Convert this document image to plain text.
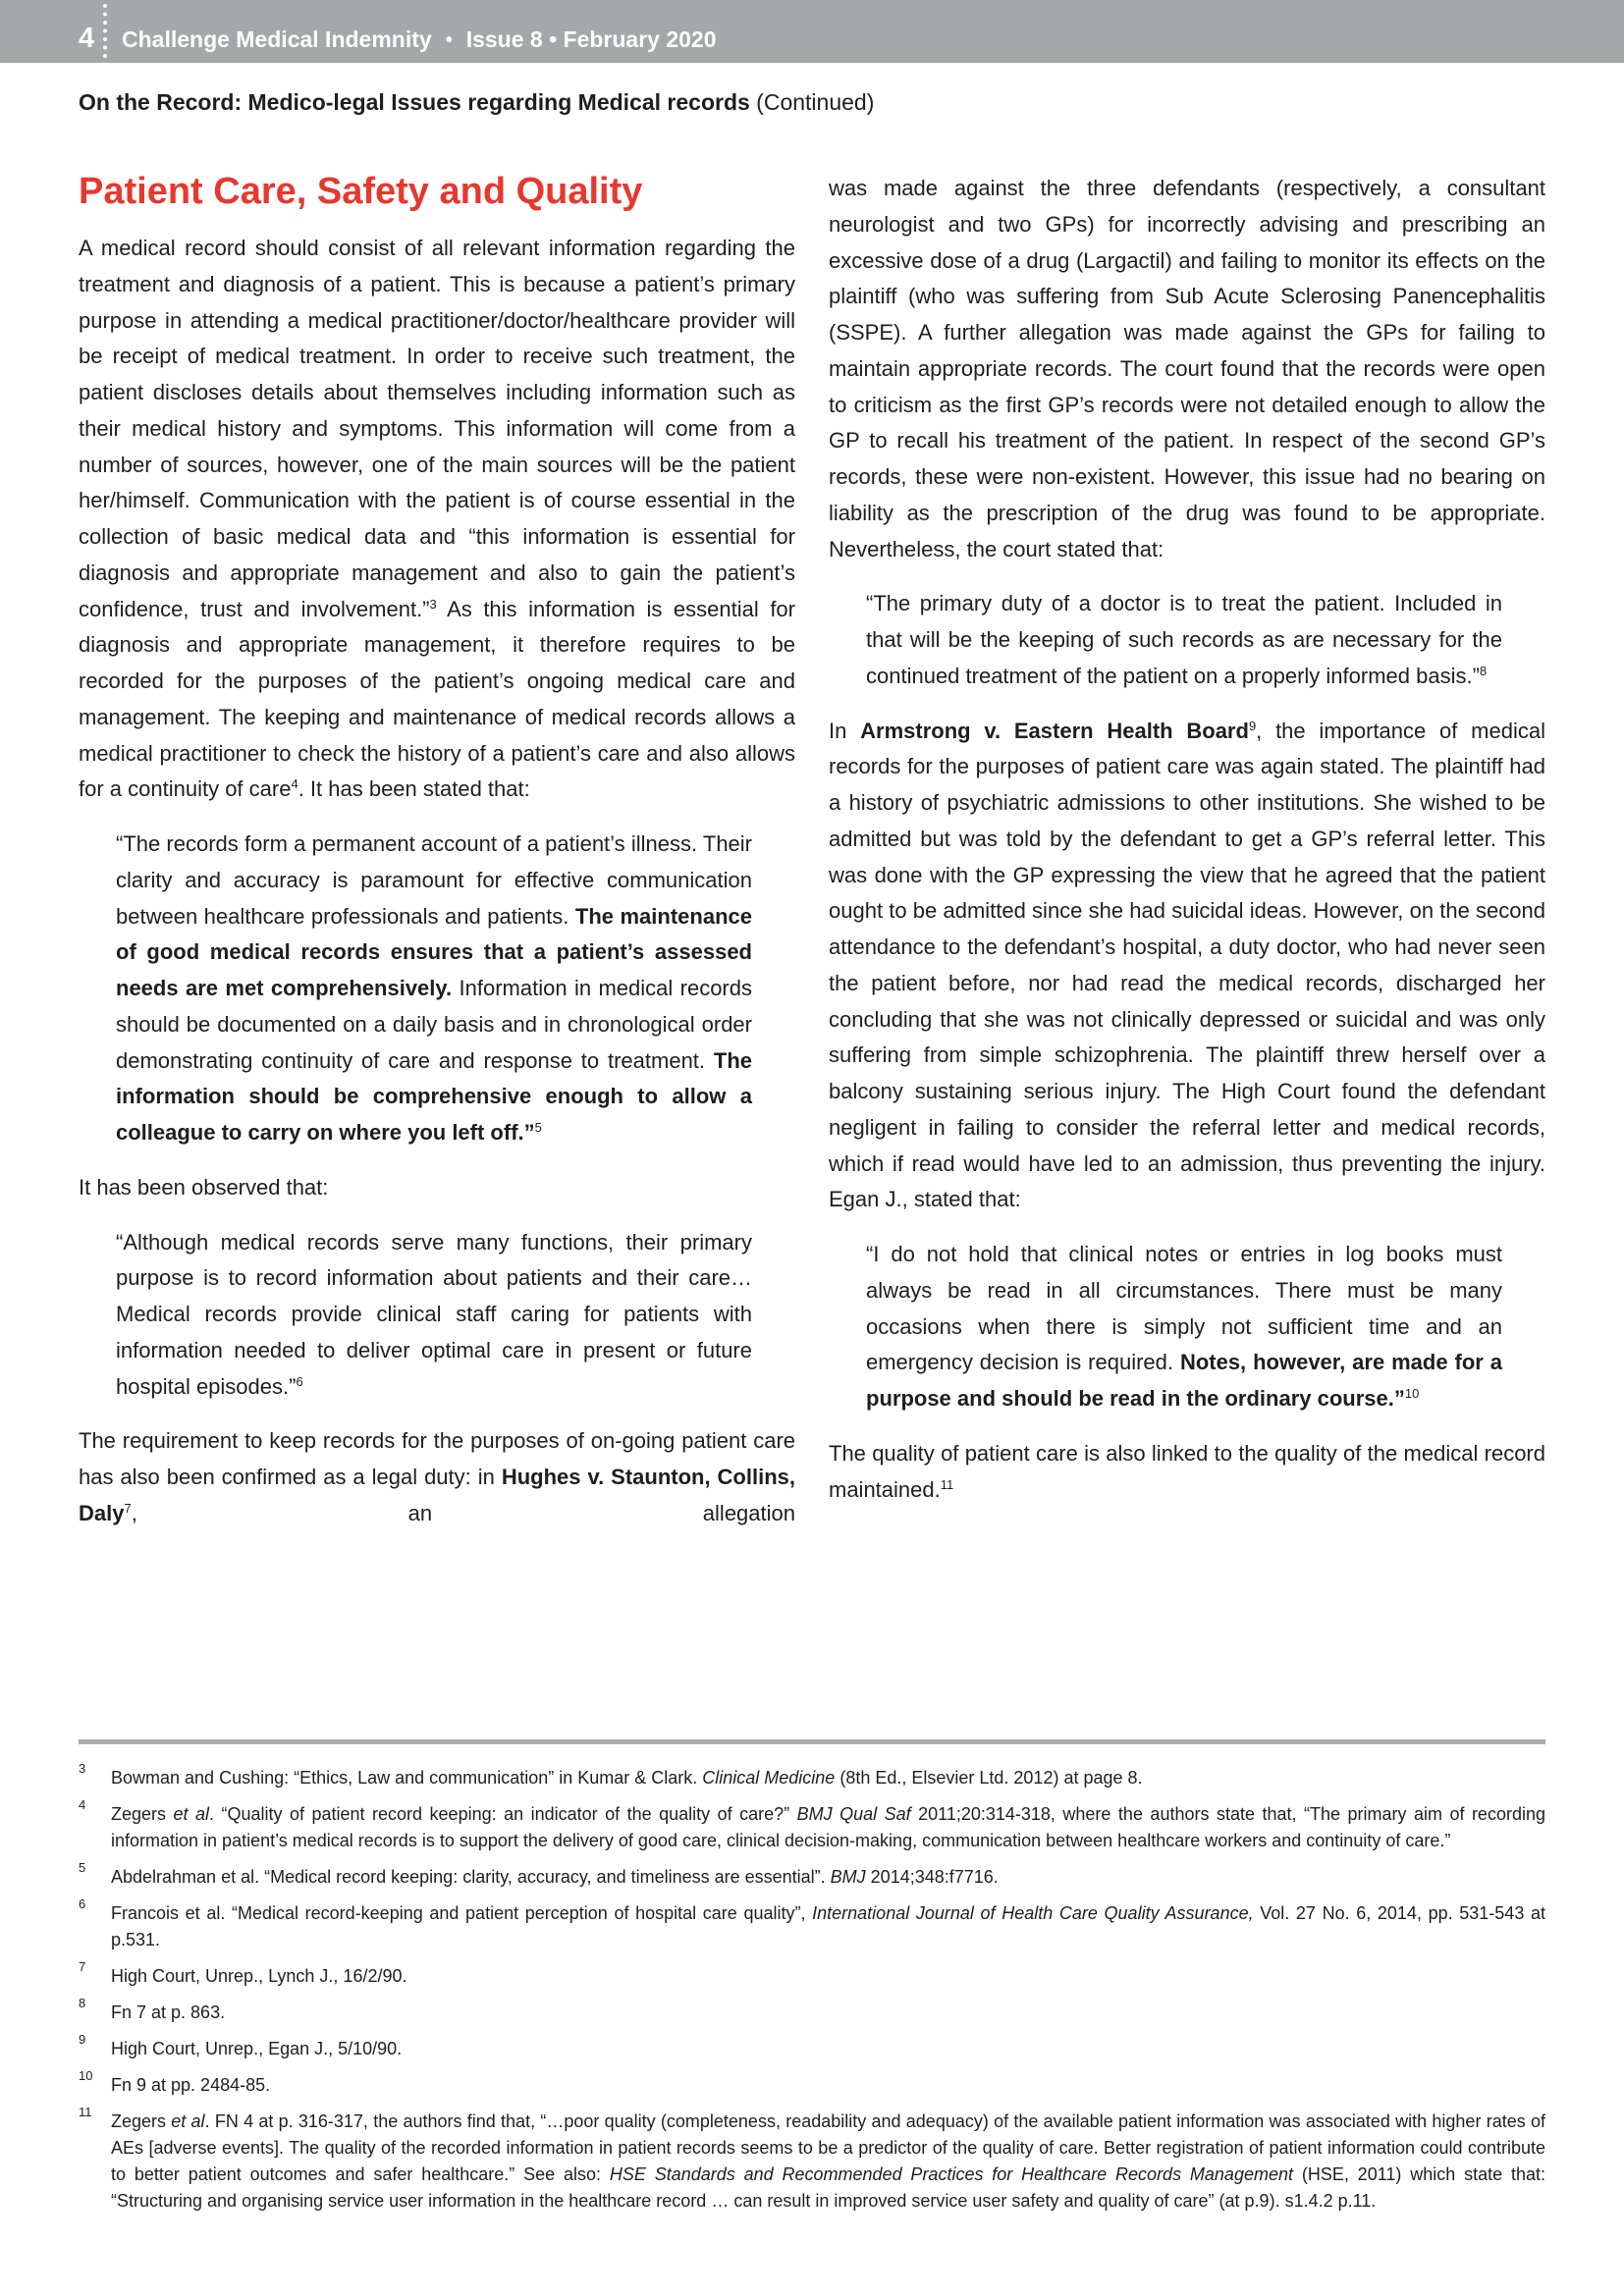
4 Challenge Medical Indemnity • Issue 8 • February 2020
On the Record: Medico-legal Issues regarding Medical records (Continued)
Patient Care, Safety and Quality

A medical record should consist of all relevant information regarding the treatment and diagnosis of a patient. This is because a patient’s primary purpose in attending a medical practitioner/doctor/healthcare provider will be receipt of medical treatment. In order to receive such treatment, the patient discloses details about themselves including information such as their medical history and symptoms. This information will come from a number of sources, however, one of the main sources will be the patient her/himself. Communication with the patient is of course essential in the collection of basic medical data and “this information is essential for diagnosis and appropriate management and also to gain the patient’s confidence, trust and involvement.”$^3$ As this information is essential for diagnosis and appropriate management, it therefore requires to be recorded for the purposes of the patient’s ongoing medical care and management. The keeping and maintenance of medical records allows a medical practitioner to check the history of a patient’s care and also allows for a continuity of care$^4$. It has been stated that:

“The records form a permanent account of a patient’s illness. Their clarity and accuracy is paramount for effective communication between healthcare professionals and patients. The maintenance of good medical records ensures that a patient’s assessed needs are met comprehensively. Information in medical records should be documented on a daily basis and in chronological order demonstrating continuity of care and response to treatment. The information should be comprehensive enough to allow a colleague to carry on where you left off.”$^5$

It has been observed that:

“Although medical records serve many functions, their primary purpose is to record information about patients and their care… Medical records provide clinical staff caring for patients with information needed to deliver optimal care in present or future hospital episodes.”$^6$

The requirement to keep records for the purposes of on-going patient care has also been confirmed as a legal duty: in Hughes v. Staunton, Collins, Daly$^7$, an allegation

was made against the three defendants (respectively, a consultant neurologist and two GPs) for incorrectly advising and prescribing an excessive dose of a drug (Largactil) and failing to monitor its effects on the plaintiff (who was suffering from Sub Acute Sclerosing Panencephalitis (SSPE). A further allegation was made against the GPs for failing to maintain appropriate records. The court found that the records were open to criticism as the first GP’s records were not detailed enough to allow the GP to recall his treatment of the patient. In respect of the second GP’s records, these were non-existent. However, this issue had no bearing on liability as the prescription of the drug was found to be appropriate. Nevertheless, the court stated that:

“The primary duty of a doctor is to treat the patient. Included in that will be the keeping of such records as are necessary for the continued treatment of the patient on a properly informed basis.”$^8$

In Armstrong v. Eastern Health Board$^9$, the importance of medical records for the purposes of patient care was again stated. The plaintiff had a history of psychiatric admissions to other institutions. She wished to be admitted but was told by the defendant to get a GP’s referral letter. This was done with the GP expressing the view that he agreed that the patient ought to be admitted since she had suicidal ideas. However, on the second attendance to the defendant’s hospital, a duty doctor, who had never seen the patient before, nor had read the medical records, discharged her concluding that she was not clinically depressed or suicidal and was only suffering from simple schizophrenia. The plaintiff threw herself over a balcony sustaining serious injury. The High Court found the defendant negligent in failing to consider the referral letter and medical records, which if read would have led to an admission, thus preventing the injury. Egan J., stated that:

“I do not hold that clinical notes or entries in log books must always be read in all circumstances. There must be many occasions when there is simply not sufficient time and an emergency decision is required. Notes, however, are made for a purpose and should be read in the ordinary course.”$^{10}$

The quality of patient care is also linked to the quality of the medical record maintained.$^{11}$

3 Bowman and Cushing: “Ethics, Law and communication” in Kumar & Clark. Clinical Medicine (8th Ed., Elsevier Ltd. 2012) at page 8.
4 Zegers et al. “Quality of patient record keeping: an indicator of the quality of care?” BMJ Qual Saf 2011;20:314-318, where the authors state that, “The primary aim of recording information in patient’s medical records is to support the delivery of good care, clinical decision-making, communication between healthcare workers and continuity of care.”
5 Abdelrahman et al. “Medical record keeping: clarity, accuracy, and timeliness are essential”. BMJ 2014;348:f7716.
6 Francois et al. “Medical record-keeping and patient perception of hospital care quality”, International Journal of Health Care Quality Assurance, Vol. 27 No. 6, 2014, pp. 531-543 at p.531.
7 High Court, Unrep., Lynch J., 16/2/90.
8 Fn 7 at p. 863.
9 High Court, Unrep., Egan J., 5/10/90.
10 Fn 9 at pp. 2484-85.
11 Zegers et al. FN 4 at p. 316-317, the authors find that, “…poor quality (completeness, readability and adequacy) of the available patient information was associated with higher rates of AEs [adverse events]. The quality of the recorded information in patient records seems to be a predictor of the quality of care. Better registration of patient information could contribute to better patient outcomes and safer healthcare.” See also: HSE Standards and Recommended Practices for Healthcare Records Management (HSE, 2011) which state that: “Structuring and organising service user information in the healthcare record … can result in improved service user safety and quality of care” (at p.9). s1.4.2 p.11.
